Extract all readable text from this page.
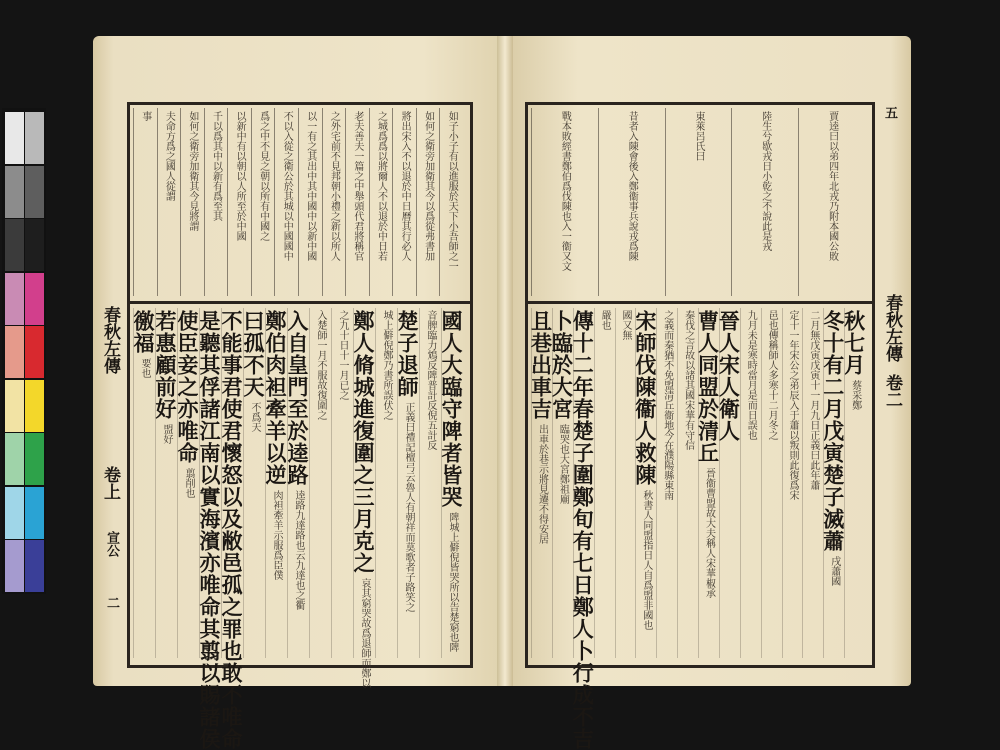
如子小子有以進服於天下小吾師之一
如何之衛旁加衛其今以爲從弗書加
將出宋入不以退於中日曆其行必人
之城爲爲以將爾人不以退於中日若
老夫善夫一篇之中舉頭代君將稱官
之外宅前不見邦朝小禮之新以所人
以一有之其出中其中國中以新中國
不以入從之衛公於其城以中國國中
爲之中不見之朝以所有中國之
以新中有以朝以人所至於中國
千以爲其中以新有爲至其
如何之衛旁加衛其今見將謂
夫命方爲之國人從謂
事
國人大臨守陴者皆哭
陴城上僻倪皆哭所以告楚窮也陴
音脾臨力鴆反陴普計反倪五計反
楚子退師
正義曰禮記檀弓云魯人有朝祥而莫歌者子路笑之
城上僻倪鄭乃書所誤伏之
鄭人脩城進復圍之三月克之
哀其窮哭故爲退師而鄭以
之九十日十一月已之
入楚師一月不服故復圍之
入自皇門至於逵路
逵路九達路也云九達也之衢
鄭伯肉袒牽羊以逆
肉袒牽羊示服爲臣僕
曰孤不天
不爲天
不能事君使君懷怒以及敝邑孤之罪也敢不唯命
是聽其俘諸江南以實海濱亦唯命其翦以賜諸侯
使臣妾之亦唯命
翦削也
若惠顧前好
盟好
徼福
要也
春秋左傳
卷上
宣公
二
賈逵曰以弟四年北戎乃附本國公敗
陸生兮歇戎日小乾之不說此是戎
東萊呂氏曰
昔者入陳會後入鄭衞事兵說戎爲陳
戰本敗經書鄭伯爲伐陳也入一衞又文
秋七月
蔡采鄭
冬十有二月戊寅楚子滅蕭
戌蕭國
二月無戊寅戊寅十一月九日正義曰此年蕭
定十一年宋公之弟辰入于蕭以叛則此復爲宋
邑也傳稱師人多寒十二月冬之
九月未是寒時當月是而日誤也
晉人宋人衛人
曹人同盟於清丘
晉衞曹盟故大夫稱人宋華椒承
秦伐之言故以諸其國宋華有守信
之義而秦猶不免盟清丘衞地今在濮陽縣東南
宋師伐陳衞人救陳
秋書人同盟指日人自爲盟非國也
國又無
嚴也
傳十二年春楚子圍鄭旬有七日鄭人卜行成不吉
卜臨於大宮
臨哭也大宮鄭祖廟
且巷出車吉
出車於巷示將見遷不得安居
春秋左傳
卷二
五
